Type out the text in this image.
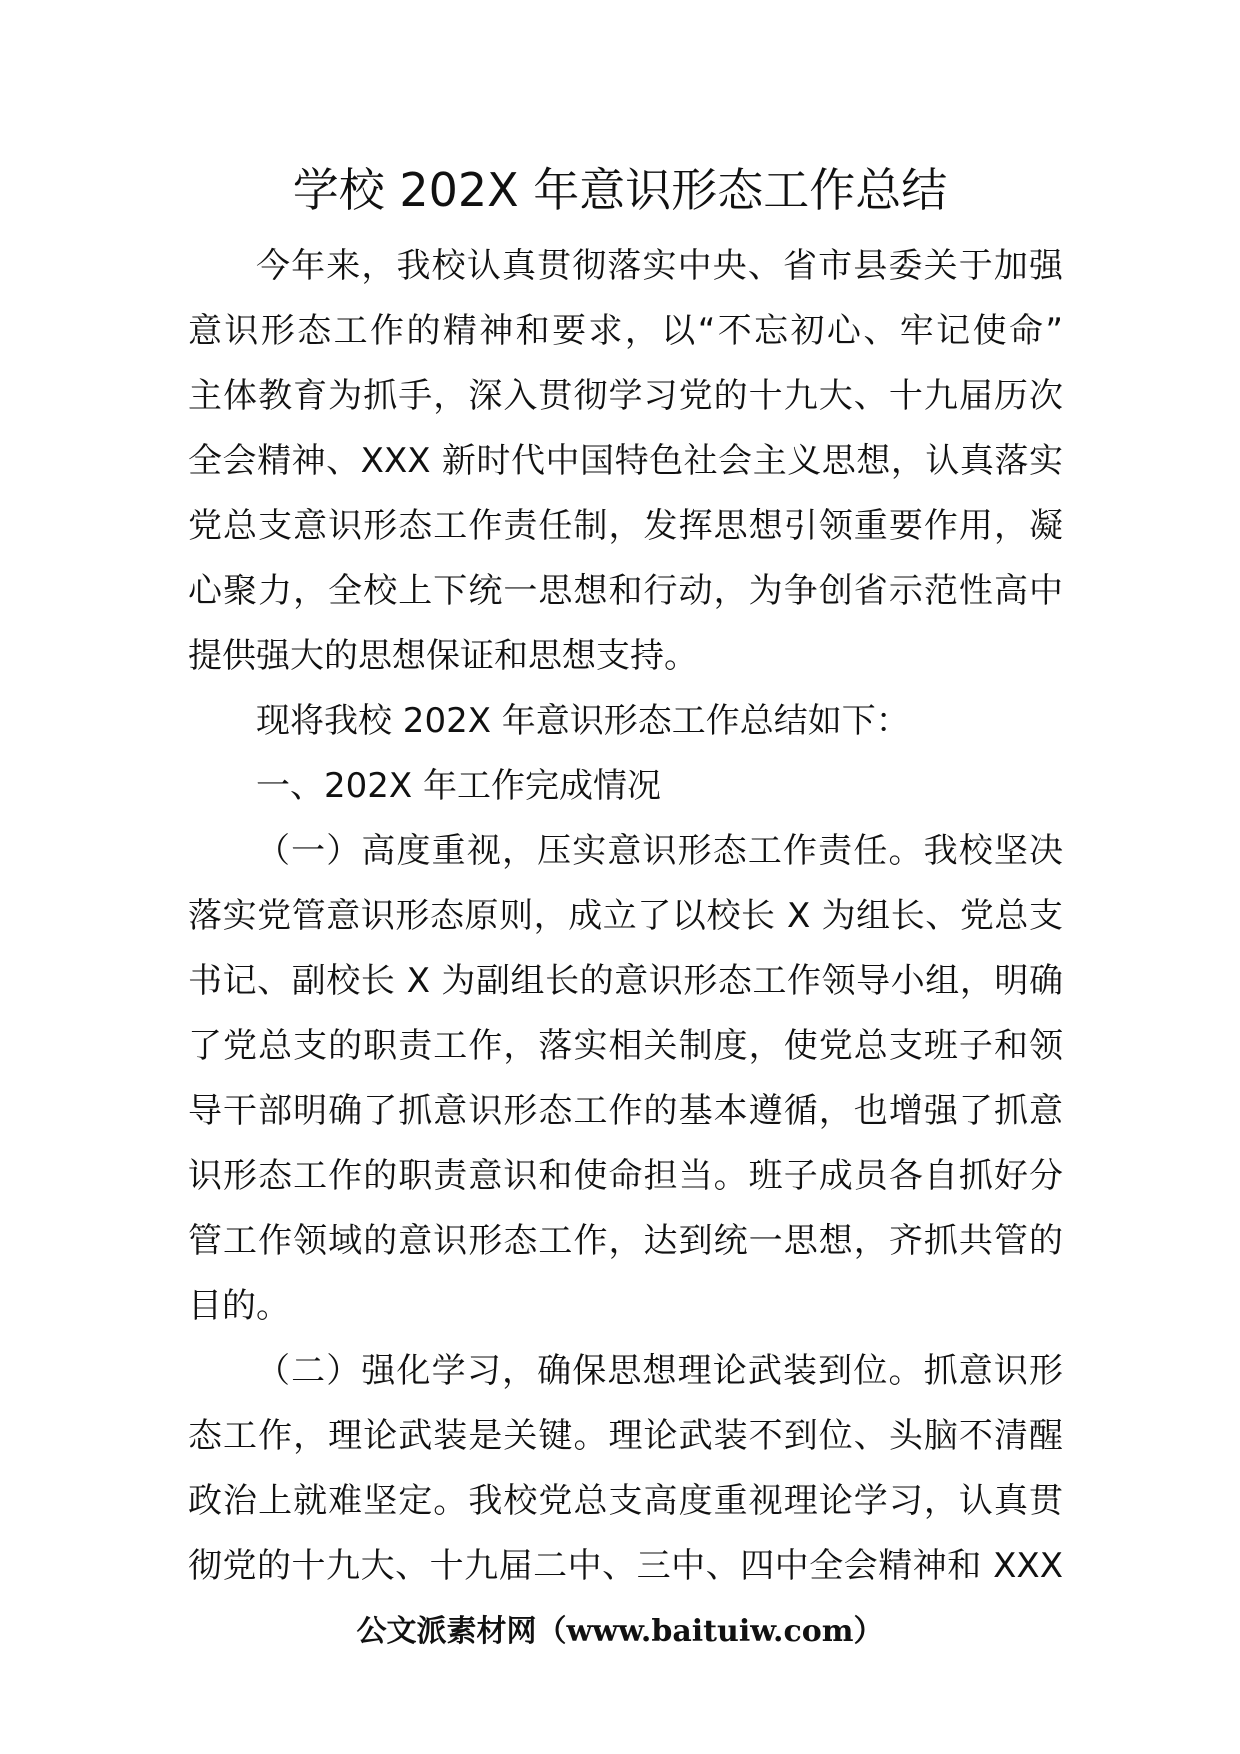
学校 202X 年意识形态工作总结
今年来，我校认真贯彻落实中央、省市县委关于加强
意识形态工作的精神和要求，以“不忘初心、牢记使命”
主体教育为抓手，深入贯彻学习党的十九大、十九届历次
全会精神、XXX 新时代中国特色社会主义思想，认真落实
党总支意识形态工作责任制，发挥思想引领重要作用，凝
心聚力，全校上下统一思想和行动，为争创省示范性高中
提供强大的思想保证和思想支持。
现将我校 202X 年意识形态工作总结如下：
一、202X 年工作完成情况
（一）高度重视，压实意识形态工作责任。我校坚决
落实党管意识形态原则，成立了以校长 X 为组长、党总支
书记、副校长 X 为副组长的意识形态工作领导小组，明确
了党总支的职责工作，落实相关制度，使党总支班子和领
导干部明确了抓意识形态工作的基本遵循，也增强了抓意
识形态工作的职责意识和使命担当。班子成员各自抓好分
管工作领域的意识形态工作，达到统一思想，齐抓共管的
目的。
（二）强化学习，确保思想理论武装到位。抓意识形
态工作，理论武装是关键。理论武装不到位、头脑不清醒
政治上就难坚定。我校党总支高度重视理论学习，认真贯
彻党的十九大、十九届二中、三中、四中全会精神和 XXX
公文派素材网（www.baituiw.com）
